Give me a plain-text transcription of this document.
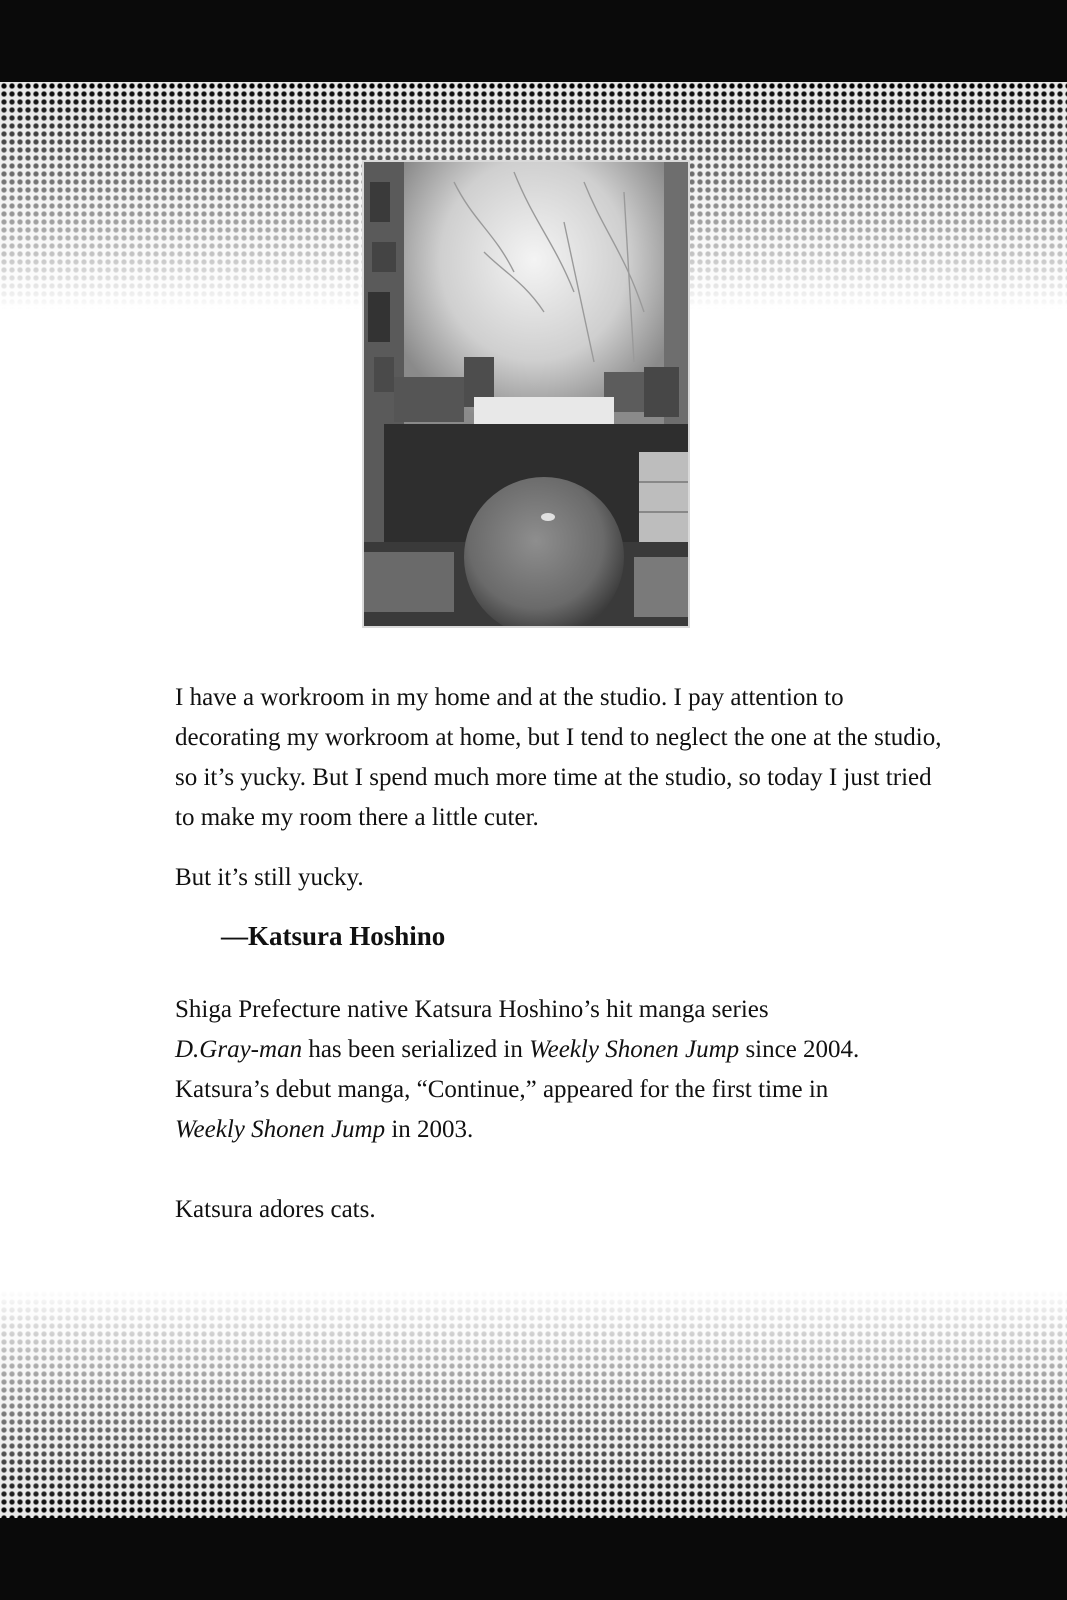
I have a workroom in my home and at the studio. I pay attention to decorating my workroom at home, but I tend to neglect the one at the studio, so it’s yucky. But I spend much more time at the studio, so today I just tried to make my room there a little cuter.

But it’s still yucky.

—Katsura Hoshino

Shiga Prefecture native Katsura Hoshino’s hit manga series
D.Gray-man has been serialized in Weekly Shonen Jump since 2004.
Katsura’s debut manga, “Continue,” appeared for the first time in
Weekly Shonen Jump in 2003.

Katsura adores cats.
